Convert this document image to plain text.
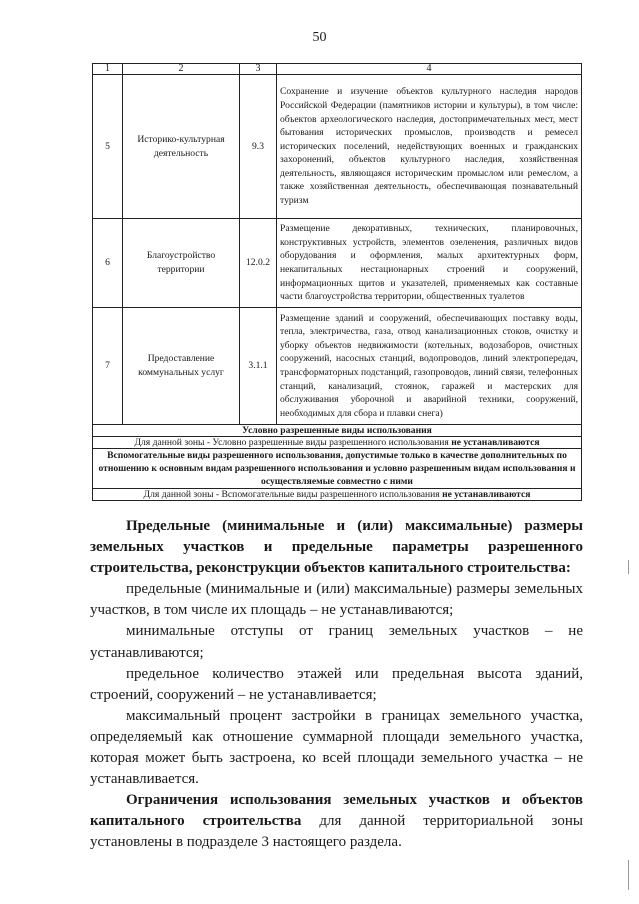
50
1	2	3	4
5	Историко-культурная деятельность	9.3	Сохранение и изучение объектов культурного наследия народов Российской Федерации (памятников истории и культуры), в том числе: объектов археологического наследия, достопримечательных мест, мест бытования исторических промыслов, производств и ремесел исторических поселений, недействующих военных и гражданских захоронений, объектов культурного наследия, хозяйственная деятельность, являющаяся историческим промыслом или ремеслом, а также хозяйственная деятельность, обеспечивающая познавательный туризм
6	Благоустройство территории	12.0.2	Размещение декоративных, технических, планировочных, конструктивных устройств, элементов озеленения, различных видов оборудования и оформления, малых архитектурных форм, некапитальных нестационарных строений и сооружений, информационных щитов и указателей, применяемых как составные части благоустройства территории, общественных туалетов
7	Предоставление коммунальных услуг	3.1.1	Размещение зданий и сооружений, обеспечивающих поставку воды, тепла, электричества, газа, отвод канализационных стоков, очистку и уборку объектов недвижимости (котельных, водозаборов, очистных сооружений, насосных станций, водопроводов, линий электропередач, трансформаторных подстанций, газопроводов, линий связи, телефонных станций, канализаций, стоянок, гаражей и мастерских для обслуживания уборочной и аварийной техники, сооружений, необходимых для сбора и плавки снега)
Условно разрешенные виды использования			
Для данной зоны - Условно разрешенные виды разрешенного использования не устанавливаются			
Вспомогательные виды разрешенного использования, допустимые только в качестве дополнительных по отношению к основным видам разрешенного использования и условно разрешенным видам использования и осуществляемые совместно с ними			
Для данной зоны - Вспомогательные виды разрешенного использования не устанавливаются			

Предельные (минимальные и (или) максимальные) размеры земельных участков и предельные параметры разрешенного строительства, реконструкции объектов капитального строительства:

предельные (минимальные и (или) максимальные) размеры земельных участков, в том числе их площадь – не устанавливаются;

минимальные отступы от границ земельных участков – не устанавливаются;

предельное количество этажей или предельная высота зданий, строений, сооружений – не устанавливается;

максимальный процент застройки в границах земельного участка, определяемый как отношение суммарной площади земельного участка, которая может быть застроена, ко всей площади земельного участка – не устанавливается.

Ограничения использования земельных участков и объектов капитального строительства для данной территориальной зоны установлены в подразделе 3 настоящего раздела.
